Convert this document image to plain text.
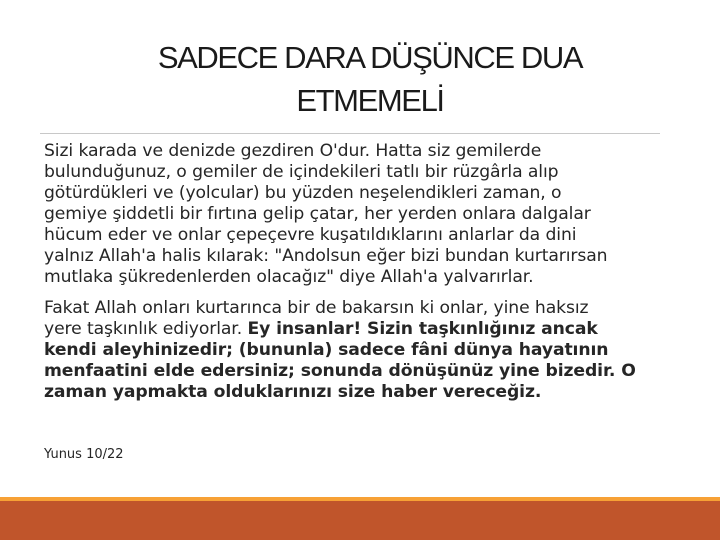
SADECE DARA DÜŞÜNCE DUA
ETMEMELİ

Sizi karada ve denizde gezdiren O'dur. Hatta siz gemilerde
bulunduğunuz, o gemiler de içindekileri tatlı bir rüzgârla alıp
götürdükleri ve (yolcular) bu yüzden neşelendikleri zaman, o
gemiye şiddetli bir fırtına gelip çatar, her yerden onlara dalgalar
hücum eder ve onlar çepeçevre kuşatıldıklarını anlarlar da dini
yalnız Allah'a halis kılarak: "Andolsun eğer bizi bundan kurtarırsan
mutlaka şükredenlerden olacağız" diye Allah'a yalvarırlar.

Fakat Allah onları kurtarınca bir de bakarsın ki onlar, yine haksız
yere taşkınlık ediyorlar. Ey insanlar! Sizin taşkınlığınız ancak
kendi aleyhinizedir; (bununla) sadece fâni dünya hayatının
menfaatini elde edersiniz; sonunda dönüşünüz yine bizedir. O
zaman yapmakta olduklarınızı size haber vereceğiz.

Yunus 10/22
